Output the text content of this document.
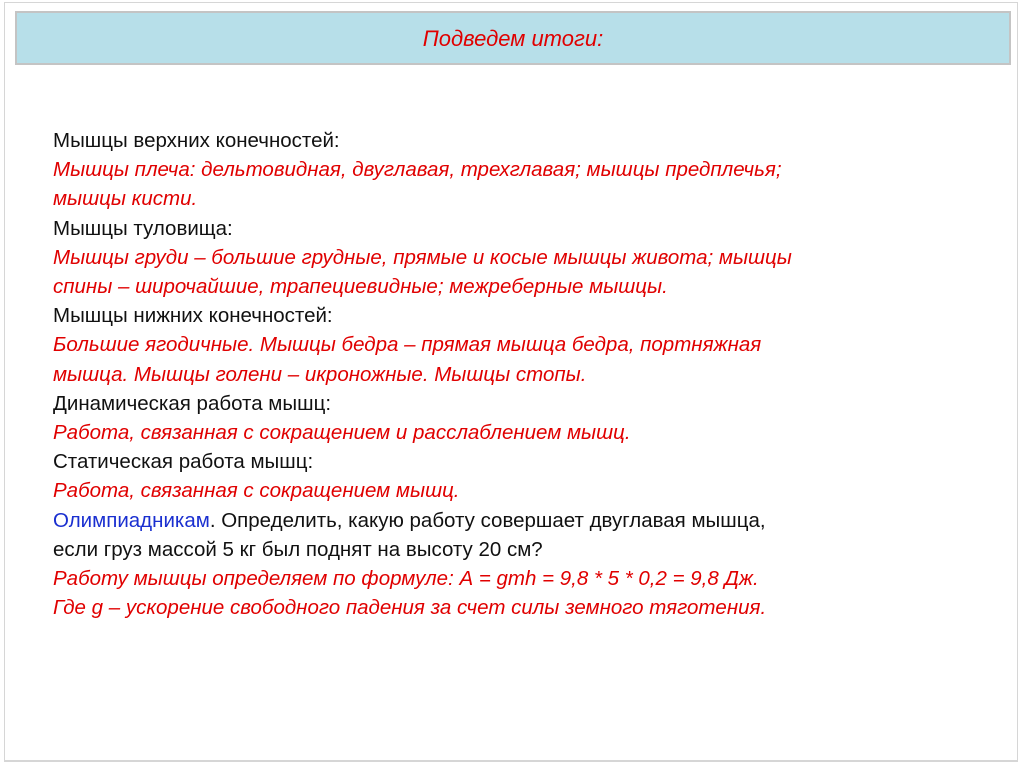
Подведем итоги:
Мышцы верхних конечностей:
Мышцы плеча: дельтовидная, двуглавая, трехглавая; мышцы предплечья;
мышцы кисти.
Мышцы туловища:
Мышцы груди – большие грудные, прямые и косые мышцы живота; мышцы
спины – широчайшие, трапециевидные; межреберные мышцы.
Мышцы нижних конечностей:
Большие ягодичные. Мышцы бедра – прямая мышца бедра, портняжная
мышца. Мышцы голени – икроножные. Мышцы стопы.
Динамическая работа мышц:
Работа, связанная с сокращением и расслаблением мышц.
Статическая работа мышц:
Работа, связанная с сокращением мышц.
Олимпиадникам. Определить, какую работу совершает двуглавая мышца,
если груз массой 5 кг был поднят на высоту 20 см?
Работу мышцы определяем по формуле: А = gmh = 9,8 * 5 * 0,2 = 9,8 Дж.
Где g – ускорение свободного падения за счет силы земного тяготения.
